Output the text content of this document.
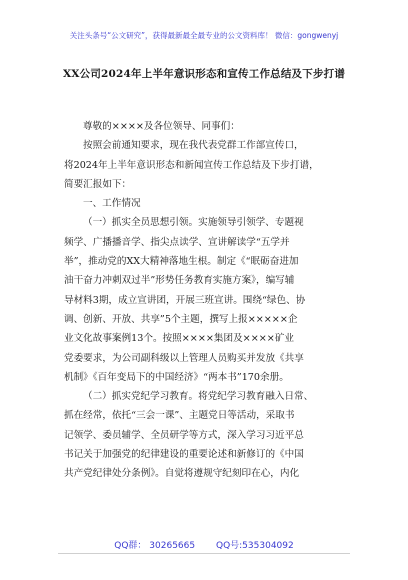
关注头条号“公文研究”，获得最新最全最专业的公文资料库！ 微信：gongwenyj
XX公司2024年上半年意识形态和宣传工作总结及下步打谱
尊敬的××××及各位领导、同事们：
按照会前通知要求，现在我代表党群工作部宣传口，
将2024年上半年意识形态和新闻宣传工作总结及下步打谱，
简要汇报如下：
一、工作情况
（一）抓实全员思想引领。实施领导引领学、专题视
频学、广播播音学、指尖点读学、宣讲解读学“五学并
举”，推动党的XX大精神落地生根。制定《“眠砺奋进加
油干奋力冲刺双过半”形势任务教育实施方案》，编写辅
导材料3期，成立宣讲团，开展三班宣讲。围绕“绿色、协
调、创新、开放、共享”5个主题，撰写上报×××××企
业文化故事案例13个。按照××××集团及××××矿业
党委要求，为公司副科级以上管理人员购买并发放《共享
机制》《百年变局下的中国经济》“两本书”170余册。
（二）抓实党纪学习教育。将党纪学习教育融入日常、
抓在经常，依托“三会一课”、主题党日等活动，采取书
记领学、委员辅学、全员研学等方式，深入学习习近平总
书记关于加强党的纪律建设的重要论述和新修订的《中国
共产党纪律处分条例》。自觉将遵规守纪刻印在心，内化
QQ群： 30265665 QQ号:535304092
